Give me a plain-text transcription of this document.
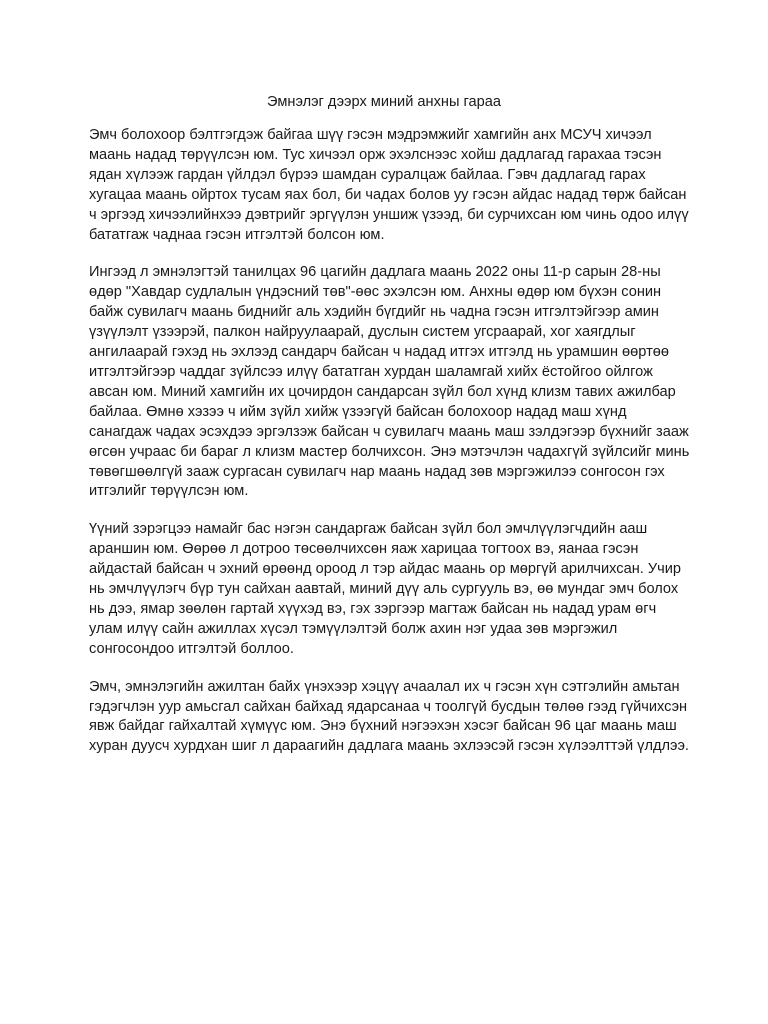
Эмнэлэг дээрх миний анхны гараа

Эмч болохоор бэлтгэгдэж байгаа шүү гэсэн мэдрэмжийг хамгийн анх МСУЧ хичээл маань надад төрүүлсэн юм. Тус хичээл орж эхэлснээс хойш дадлагад гарахаа тэсэн ядан хүлээж гардан үйлдэл бүрээ шамдан суралцаж байлаа. Гэвч дадлагад гарах хугацаа маань ойртох тусам яах бол, би чадах болов уу гэсэн айдас надад төрж байсан ч эргээд хичээлийнхээ дэвтрийг эргүүлэн уншиж үзээд, би сурчихсан юм чинь одоо илүү бататгаж чаднаа гэсэн итгэлтэй болсон юм.

Ингээд л эмнэлэгтэй танилцах 96 цагийн дадлага маань 2022 оны 11-р сарын 28-ны өдөр "Хавдар судлалын үндэсний төв"-өөс эхэлсэн юм. Анхны өдөр юм бүхэн сонин байж сувилагч маань биднийг аль хэдийн бүгдийг нь чадна гэсэн итгэлтэйгээр амин үзүүлэлт үзээрэй, палкон найруулаарай, дуслын систем угсраарай, хог хаягдлыг ангилаарай гэхэд нь эхлээд сандарч байсан ч надад итгэх итгэлд нь урамшин өөртөө итгэлтэйгээр чаддаг зүйлсээ илүү бататган хурдан шаламгай хийх ёстойгоо ойлгож авсан юм. Миний хамгийн их цочирдон сандарсан зүйл бол хүнд клизм тавих ажилбар байлаа. Өмнө хэзээ ч ийм зүйл хийж үзээгүй байсан болохоор надад маш хүнд санагдаж чадах эсэхдээ эргэлзэж байсан ч сувилагч маань маш зэлдэгээр бүхнийг зааж өгсөн учраас би бараг л клизм мастер болчихсон. Энэ мэтэчлэн чадахгүй зүйлсийг минь төвөгшөөлгүй зааж сургасан сувилагч нар маань надад зөв мэргэжилээ сонгосон гэх итгэлийг төрүүлсэн юм.

Үүний зэрэгцээ намайг бас нэгэн сандаргаж байсан зүйл бол эмчлүүлэгчдийн ааш араншин юм. Өөрөө л дотроо төсөөлчихсөн яаж харицаа тогтоох вэ, яанаа гэсэн айдастай байсан ч эхний өрөөнд ороод л тэр айдас маань ор мөргүй арилчихсан. Учир нь эмчлүүлэгч бүр тун сайхан аавтай, миний дүү аль сургууль вэ, өө мундаг эмч болох нь дээ, ямар зөөлөн гартай хүүхэд вэ, гэх зэргээр магтаж байсан нь надад урам өгч улам илүү сайн ажиллах хүсэл тэмүүлэлтэй болж ахин нэг удаа зөв мэргэжил сонгосондоо итгэлтэй боллоо.

Эмч, эмнэлэгийн ажилтан байх үнэхээр хэцүү ачаалал их ч гэсэн хүн сэтгэлийн амьтан гэдэгчлэн уур амьсгал сайхан байхад ядарсанаа ч тоолгүй бусдын төлөө гээд гүйчихсэн явж байдаг гайхалтай хүмүүс юм. Энэ бүхний нэгээхэн хэсэг байсан 96 цаг маань маш хуран дуусч хурдхан шиг л дараагийн дадлага маань эхлээсэй гэсэн хүлээлттэй үлдлээ.
